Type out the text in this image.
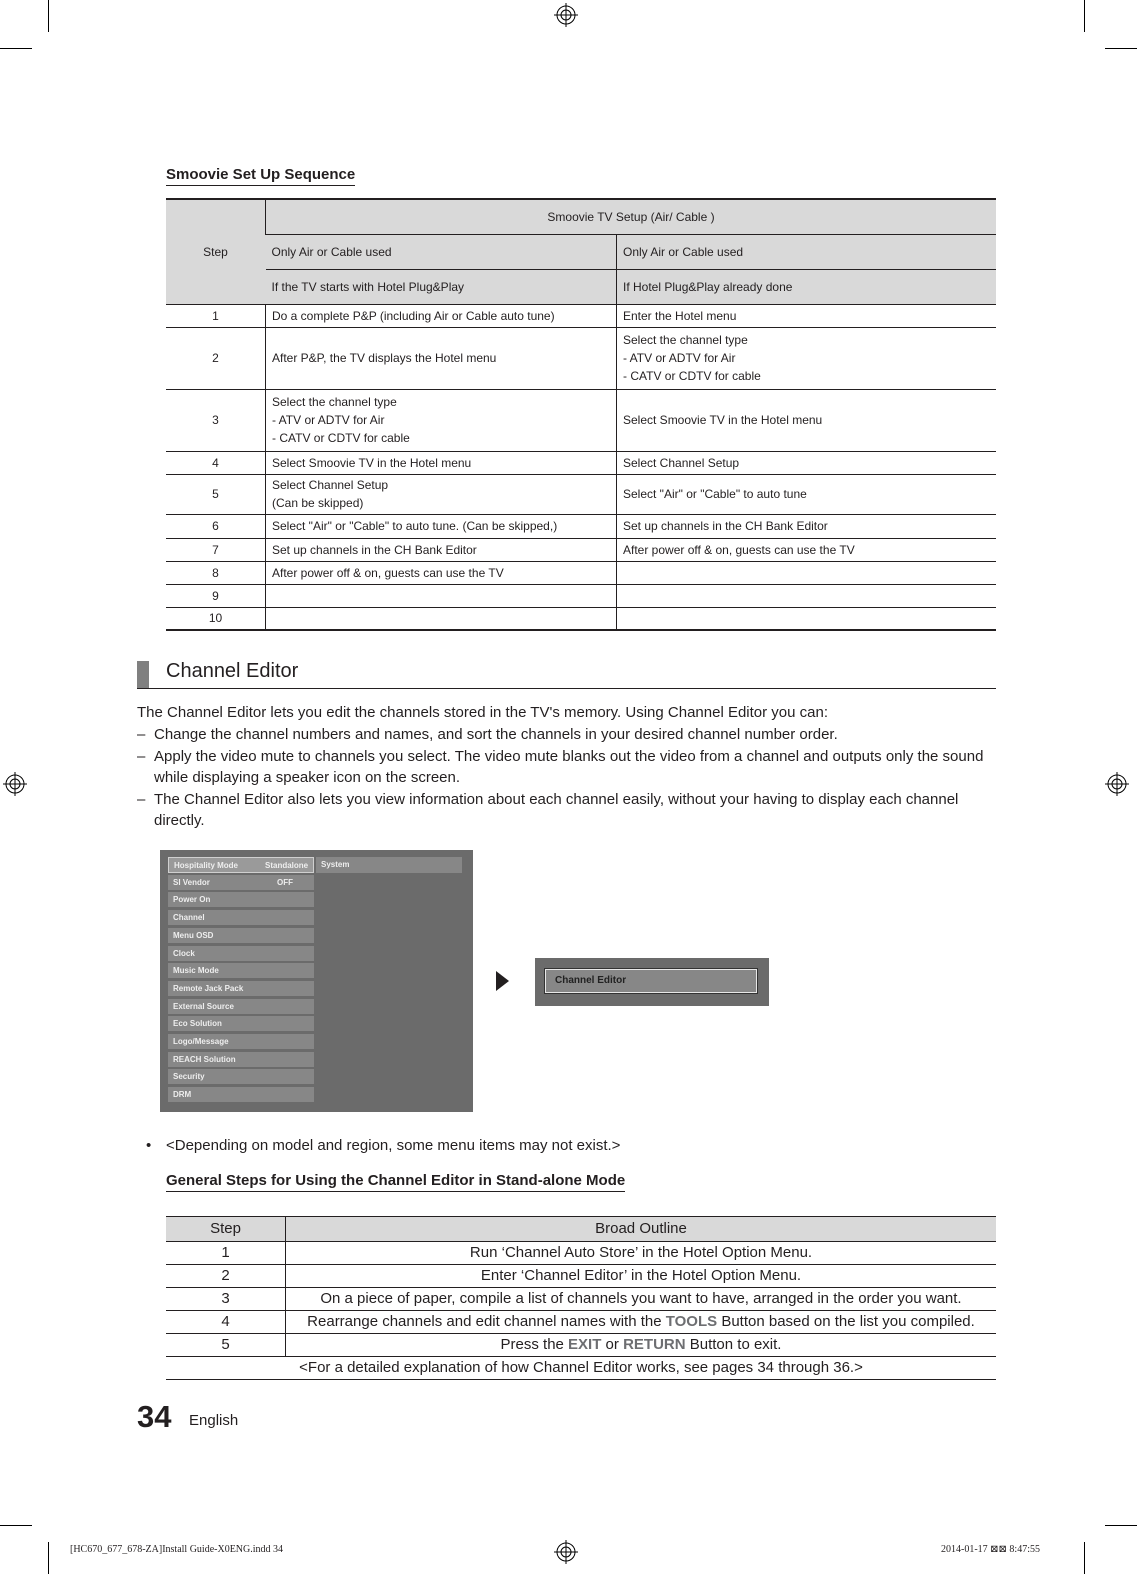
Smoovie Set Up Sequence
Step	Smoovie TV Setup (Air/ Cable )	
	Only Air or Cable used	Only Air or Cable used
	If the TV starts with Hotel Plug&Play	If Hotel Plug&Play already done
1	Do a complete P&P (including Air or Cable auto tune)	Enter the Hotel menu

2	After P&P, the TV displays the Hotel menu	Select the channel type
- ATV or ADTV for Air
- CATV or CDTV for cable

3	Select the channel type
- ATV or ADTV for Air
- CATV or CDTV for cable	Select Smoovie TV in the Hotel menu

4	Select Smoovie TV in the Hotel menu	Select Channel Setup

5	Select Channel Setup
(Can be skipped)	Select "Air" or "Cable" to auto tune

6	Select "Air" or "Cable" to auto tune. (Can be skipped,)	Set up channels in the CH Bank Editor

7	Set up channels in the CH Bank Editor	After power off & on, guests can use the TV

8	After power off & on, guests can use the TV	

9	

10	

Channel Editor
The Channel Editor lets you edit the channels stored in the TV's memory. Using Channel Editor you can:
– Change the channel numbers and names, and sort the channels in your desired channel number order.
– Apply the video mute to channels you select. The video mute blanks out the video from a channel and outputs only the sound while displaying a speaker icon on the screen.
– The Channel Editor also lets you view information about each channel easily, without your having to display each channel directly.
Hospitality Mode	Standalone
SI Vendor	OFF
Power On
Channel
Menu OSD
Clock
Music Mode
Remote Jack Pack
External Source
Eco Solution
Logo/Message
REACH Solution
Security
DRM
System
Channel Editor
• <Depending on model and region, some menu items may not exist.>
General Steps for Using the Channel Editor in Stand-alone Mode
Step	Broad Outline
1	Run ‘Channel Auto Store’ in the Hotel Option Menu.
2	Enter ‘Channel Editor’ in the Hotel Option Menu.
3	On a piece of paper, compile a list of channels you want to have, arranged in the order you want.
4	Rearrange channels and edit channel names with the TOOLS Button based on the list you compiled.
5	Press the EXIT or RETURN Button to exit.
<For a detailed explanation of how Channel Editor works, see pages 34 through 36.>	
34 English
[HC670_677_678-ZA]Install Guide-X0ENG.indd 34	2014-01-17 ⊠⊠ 8:47:55
